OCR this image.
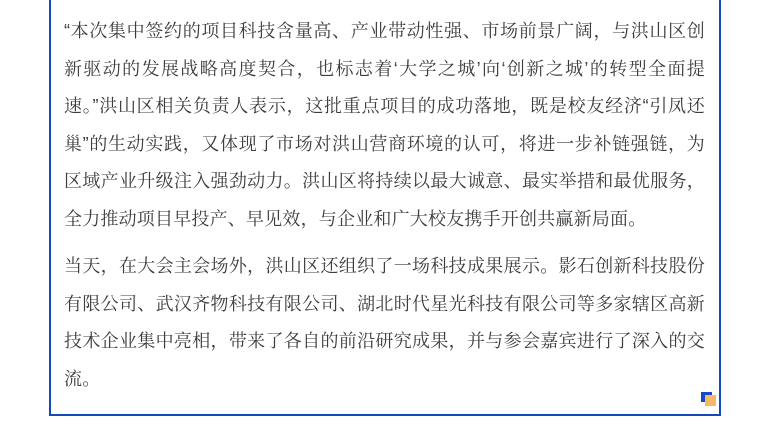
“本次集中签约的项目科技含量高、产业带动性强、市场前景广阔，与洪山区创新驱动的发展战略高度契合，也标志着‘大学之城’向‘创新之城’的转型全面提速。”洪山区相关负责人表示，这批重点项目的成功落地，既是校友经济“引凤还巢”的生动实践，又体现了市场对洪山营商环境的认可，将进一步补链强链，为区域产业升级注入强劲动力。洪山区将持续以最大诚意、最实举措和最优服务，全力推动项目早投产、早见效，与企业和广大校友携手开创共赢新局面。

当天，在大会主会场外，洪山区还组织了一场科技成果展示。影石创新科技股份有限公司、武汉齐物科技有限公司、湖北时代星光科技有限公司等多家辖区高新技术企业集中亮相，带来了各自的前沿研究成果，并与参会嘉宾进行了深入的交流。
